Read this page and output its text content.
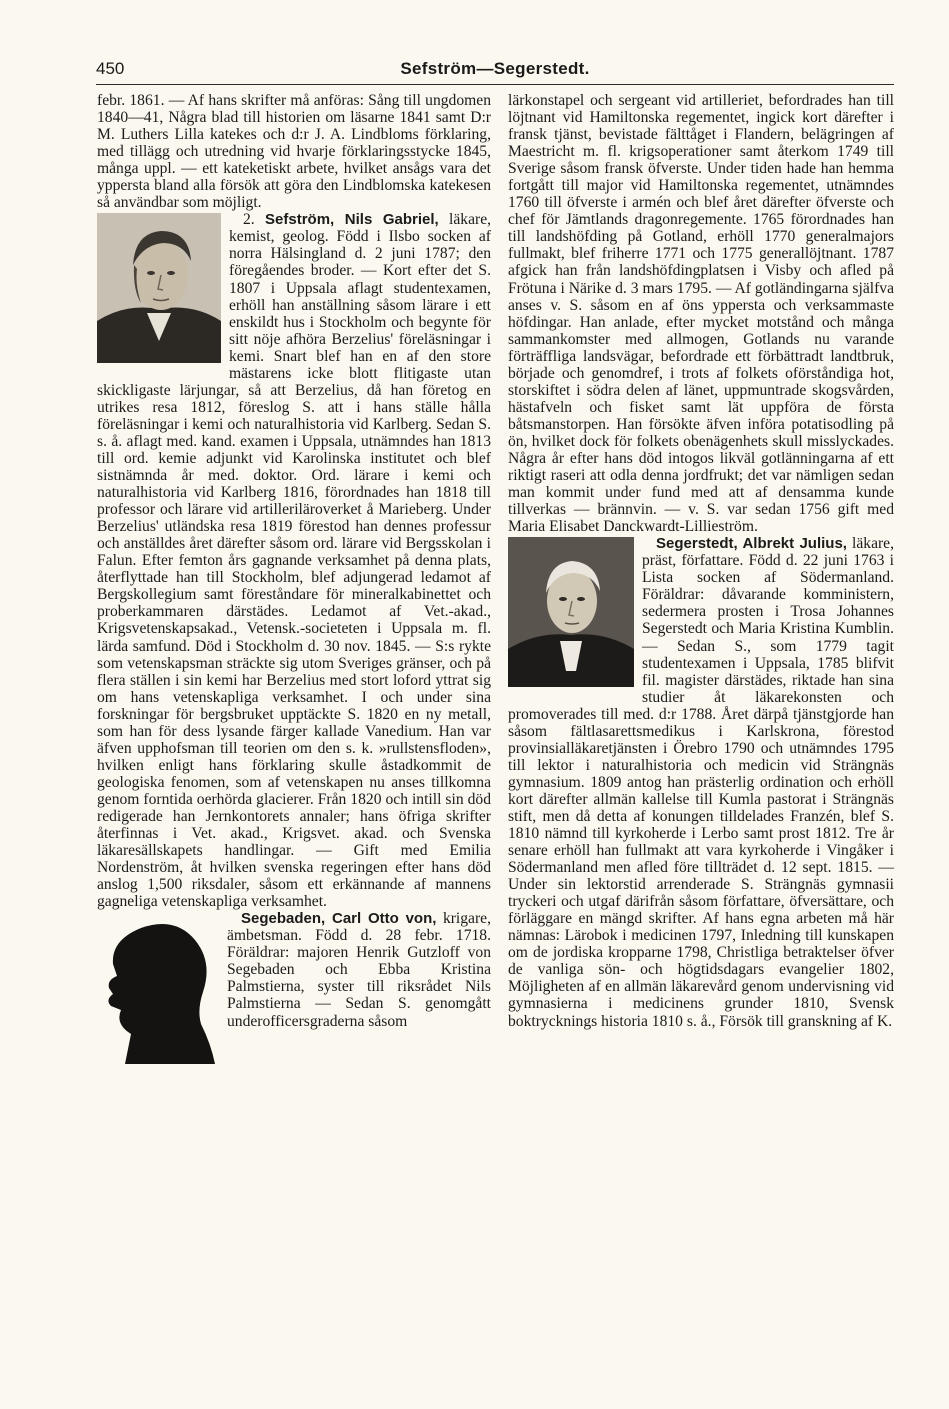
450	Sefström—Segerstedt.

febr. 1861. — Af hans skrifter må anföras: Sång till ungdomen 1840—41, Några blad till historien om läsarne 1841 samt D:r M. Luthers Lilla katekes och d:r J. A. Lindbloms förklaring, med tillägg och utredning vid hvarje förklaringsstycke 1845, många uppl. — ett kateketiskt arbete, hvilket ansågs vara det yppersta bland alla försök att göra den Lindblomska katekesen så användbar som möjligt.

2. Sefström, Nils Gabriel, läkare, kemist, geolog. Född i Ilsbo socken af norra Hälsingland d. 2 juni 1787; den föregåendes broder. — Kort efter det S. 1807 i Uppsala aflagt studentexamen, erhöll han anställning såsom lärare i ett enskildt hus i Stockholm och begynte för sitt nöje afhöra Berzelius' föreläsningar i kemi. Snart blef han en af den store mästarens icke blott flitigaste utan skickligaste lärjungar, så att Berzelius, då han företog en utrikes resa 1812, föreslog S. att i hans ställe hålla föreläsningar i kemi och naturalhistoria vid Karlberg. Sedan S. s. å. aflagt med. kand. examen i Uppsala, utnämndes han 1813 till ord. kemie adjunkt vid Karolinska institutet och blef sistnämnda år med. doktor. Ord. lärare i kemi och naturalhistoria vid Karlberg 1816, förordnades han 1818 till professor och lärare vid artilleriläroverket å Marieberg. Under Berzelius' utländska resa 1819 förestod han dennes professur och anställdes året därefter såsom ord. lärare vid Bergsskolan i Falun. Efter femton års gagnande verksamhet på denna plats, återflyttade han till Stockholm, blef adjungerad ledamot af Bergskollegium samt föreståndare för mineralkabinettet och proberkammaren därstädes. Ledamot af Vet.-akad., Krigsvetenskapsakad., Vetensk.-societeten i Uppsala m. fl. lärda samfund. Död i Stockholm d. 30 nov. 1845. — S:s rykte som vetenskapsman sträckte sig utom Sveriges gränser, och på flera ställen i sin kemi har Berzelius med stort loford yttrat sig om hans vetenskapliga verksamhet. I och under sina forskningar för bergsbruket upptäckte S. 1820 en ny metall, som han för dess lysande färger kallade Vanedium. Han var äfven upphofsman till teorien om den s. k. »rullstensfloden», hvilken enligt hans förklaring skulle åstadkommit de geologiska fenomen, som af vetenskapen nu anses tillkomna genom forntida oerhörda glacierer. Från 1820 och intill sin död redigerade han Jernkontorets annaler; hans öfriga skrifter återfinnas i Vet. akad., Krigsvet. akad. och Svenska läkaresällskapets handlingar. — Gift med Emilia Nordenström, åt hvilken svenska regeringen efter hans död anslog 1,500 riksdaler, såsom ett erkännande af mannens gagneliga vetenskapliga verksamhet.

Segebaden, Carl Otto von, krigare, ämbetsman. Född d. 28 febr. 1718. Föräldrar: majoren Henrik Gutzloff von Segebaden och Ebba Kristina Palmstierna, syster till riksrådet Nils Palmstierna — Sedan S. genomgått underofficersgraderna såsom

lärkonstapel och sergeant vid artilleriet, befordrades han till löjtnant vid Hamiltonska regementet, ingick kort därefter i fransk tjänst, bevistade fälttåget i Flandern, belägringen af Maestricht m. fl. krigsoperationer samt återkom 1749 till Sverige såsom fransk öfverste. Under tiden hade han hemma fortgått till major vid Hamiltonska regementet, utnämndes 1760 till öfverste i armén och blef året därefter öfverste och chef för Jämtlands dragonregemente. 1765 förordnades han till landshöfding på Gotland, erhöll 1770 generalmajors fullmakt, blef friherre 1771 och 1775 generallöjtnant. 1787 afgick han från landshöfdingplatsen i Visby och afled på Frötuna i Närike d. 3 mars 1795. — Af gotländingarna själfva anses v. S. såsom en af öns yppersta och verksammaste höfdingar. Han anlade, efter mycket motstånd och många sammankomster med allmogen, Gotlands nu varande förträffliga landsvägar, befordrade ett förbättradt landtbruk, började och genomdref, i trots af folkets oförståndiga hot, storskiftet i södra delen af länet, uppmuntrade skogsvården, hästafveln och fisket samt lät uppföra de första båtsmanstorpen. Han försökte äfven införa potatisodling på ön, hvilket dock för folkets obenägenhets skull misslyckades. Några år efter hans död intogos likväl gotlänningarna af ett riktigt raseri att odla denna jordfrukt; det var nämligen sedan man kommit under fund med att af densamma kunde tillverkas — brännvin. — v. S. var sedan 1756 gift med Maria Elisabet Danckwardt-Lillieström.

Segerstedt, Albrekt Julius, läkare, präst, författare. Född d. 22 juni 1763 i Lista socken af Södermanland. Föräldrar: dåvarande komministern, sedermera prosten i Trosa Johannes Segerstedt och Maria Kristina Kumblin. — Sedan S., som 1779 tagit studentexamen i Uppsala, 1785 blifvit fil. magister därstädes, riktade han sina studier åt läkarekonsten och promoverades till med. d:r 1788. Året därpå tjänstgjorde han såsom fältlasarettsmedikus i Karlskrona, förestod provinsialläkaretjänsten i Örebro 1790 och utnämndes 1795 till lektor i naturalhistoria och medicin vid Strängnäs gymnasium. 1809 antog han prästerlig ordination och erhöll kort därefter allmän kallelse till Kumla pastorat i Strängnäs stift, men då detta af konungen tilldelades Franzén, blef S. 1810 nämnd till kyrkoherde i Lerbo samt prost 1812. Tre år senare erhöll han fullmakt att vara kyrkoherde i Vingåker i Södermanland men afled före tillträdet d. 12 sept. 1815. — Under sin lektorstid arrenderade S. Strängnäs gymnasii tryckeri och utgaf därifrån såsom författare, öfversättare, och förläggare en mängd skrifter. Af hans egna arbeten må här nämnas: Lärobok i medicinen 1797, Inledning till kunskapen om de jordiska kropparne 1798, Christliga betraktelser öfver de vanliga sön- och högtidsdagars evangelier 1802, Möjligheten af en allmän läkarevård genom undervisning vid gymnasierna i medicinens grunder 1810, Svensk boktrycknings historia 1810 s. å., Försök till granskning af K.
